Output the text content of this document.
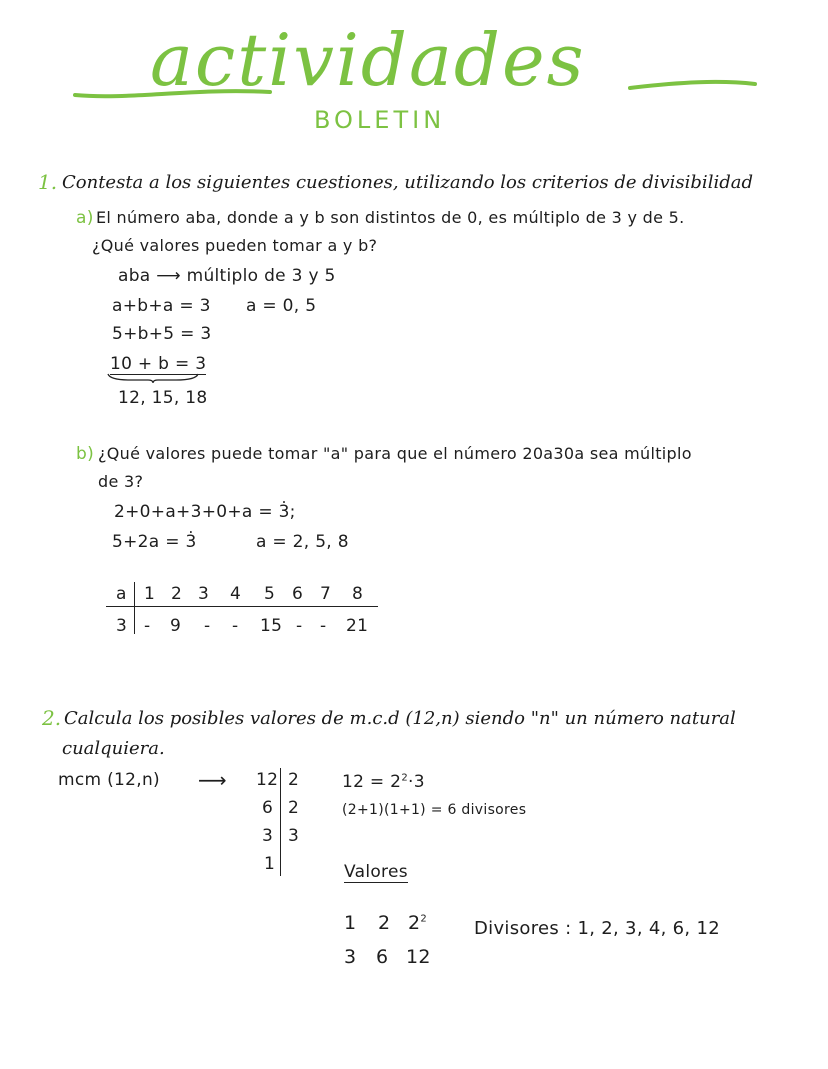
actividades
BOLETIN
1. Contesta a los siguientes cuestiones, utilizando los criterios de divisibilidad
a) El número aba, donde a y b son distintos de 0, es múltiplo de 3 y de 5.
¿Qué valores pueden tomar a y b?
aba ⟶ múltiplo de 3 y 5
a+b+a = 3 a = 0, 5
5+b+5 = 3
10 + b = 3
12, 15, 18
b) ¿Qué valores puede tomar "a" para que el número 20a30a sea múltiplo
de 3?
2+0+a+3+0+a = 3̇;
5+2a = 3̇	a = 2, 5, 8
a 1 2 3 4 5 6 7 8
3 - 9 - - 15 - - 21
2. Calcula los posibles valores de m.c.d (12,n) siendo "n" un número natural
cualquiera.
mcm (12,n) ⟶ 12
6
3
1
2
2
3
$12 = 2^2\cdot 3$
(2+1)(1+1) = 6 divisores
Valores
1 2 $2^2$
3 6 12
Divisores : 1, 2, 3, 4, 6, 12
